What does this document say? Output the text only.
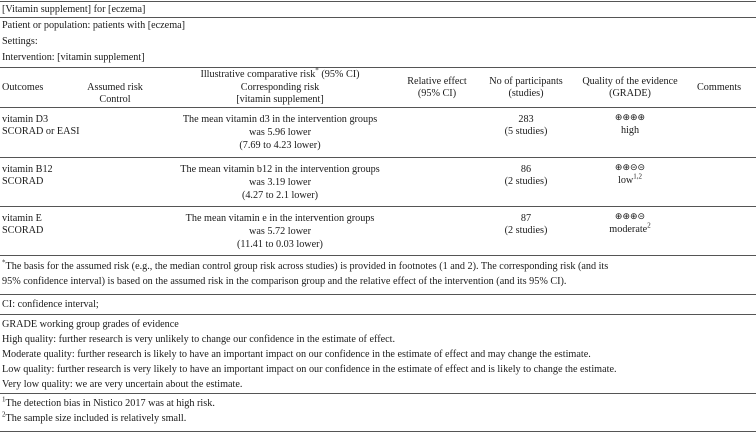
[Vitamin supplement] for [eczema]
Patient or population: patients with [eczema]
Settings:
Intervention: [vitamin supplement]
Outcomes
Illustrative comparative risk* (95% CI)
Assumed risk
Control
Corresponding risk
[vitamin supplement]
Relative effect
(95% CI)
No of participants
(studies)
Quality of the evidence
(GRADE)
Comments
vitamin D3
SCORAD or EASI
The mean vitamin d3 in the intervention groups
was 5.96 lower
(7.69 to 4.23 lower)
283
(5 studies)
⊕⊕⊕⊕
high
vitamin B12
SCORAD
The mean vitamin b12 in the intervention groups
was 3.19 lower
(4.27 to 2.1 lower)
86
(2 studies)
⊕⊕⊝⊝
low$^{1,2}$
vitamin E
SCORAD
The mean vitamin e in the intervention groups
was 5.72 lower
(11.41 to 0.03 lower)
87
(2 studies)
⊕⊕⊕⊝
moderate$^2$
*The basis for the assumed risk (e.g., the median control group risk across studies) is provided in footnotes (1 and 2). The corresponding risk (and its
95% confidence interval) is based on the assumed risk in the comparison group and the relative effect of the intervention (and its 95% CI).
CI: confidence interval;
GRADE working group grades of evidence
High quality: further research is very unlikely to change our confidence in the estimate of effect.
Moderate quality: further research is likely to have an important impact on our confidence in the estimate of effect and may change the estimate.
Low quality: further research is very likely to have an important impact on our confidence in the estimate of effect and is likely to change the estimate.
Very low quality: we are very uncertain about the estimate.
$^1$The detection bias in Nistico 2017 was at high risk.
$^2$The sample size included is relatively small.
